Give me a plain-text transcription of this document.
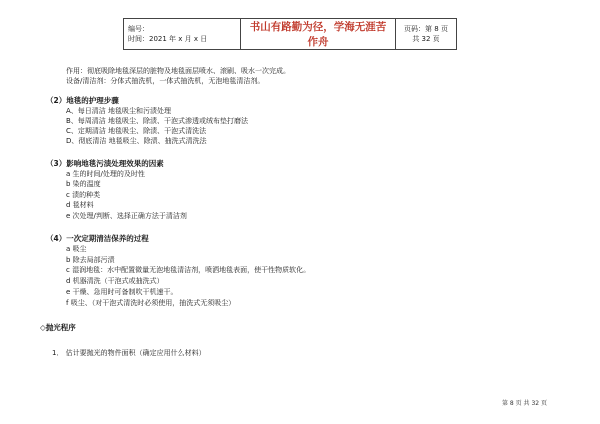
编号：
时间：2021 年 x 月 x 日
	书山有路勤为径，学海无涯苦作舟	页码：第 8 页 共 32 页
作用：彻底吸除地毯深层的脏物及地毯面层喷水、滚刷、吸水一次完成。
设备/清洁剂：分体式抽洗机，一体式抽洗机，无泡地毯清洁剂。
（2）地毯的护理步骤
A、每日清洁 地毯吸尘和污渍处理
B、每周清洁 地毯吸尘、除渍、干泡式渗透或绒布垫打磨法
C、定期清洁 地毯吸尘、除渍、干泡式清洗法
D、彻底清洁 地毯吸尘、除渍、抽洗式清洗法
（3）影响地毯污渍处理效果的因素
a 生的时间/处理的及时性
b 染的温度
c 渍的种类
d 毯材料
e 次处理/判断、选择正确方法于清洁剂
（4）一次定期清洁保养的过程
a 吸尘
b 除去局部污渍
c 湿润地毯：水中配置微量无泡地毯清洁剂，喷洒地毯表面，使干性物质软化。
d 机器清洗（干泡式或抽洗式）
e 干燥、急用时可备制吹干机速干。
f 吸尘、（对干泡式清洗时必须使用，抽洗式无须吸尘）
◇抛光程序
1． 估计要抛光的物件面积（确定应用什么材料）
第 8 页 共 32 页
